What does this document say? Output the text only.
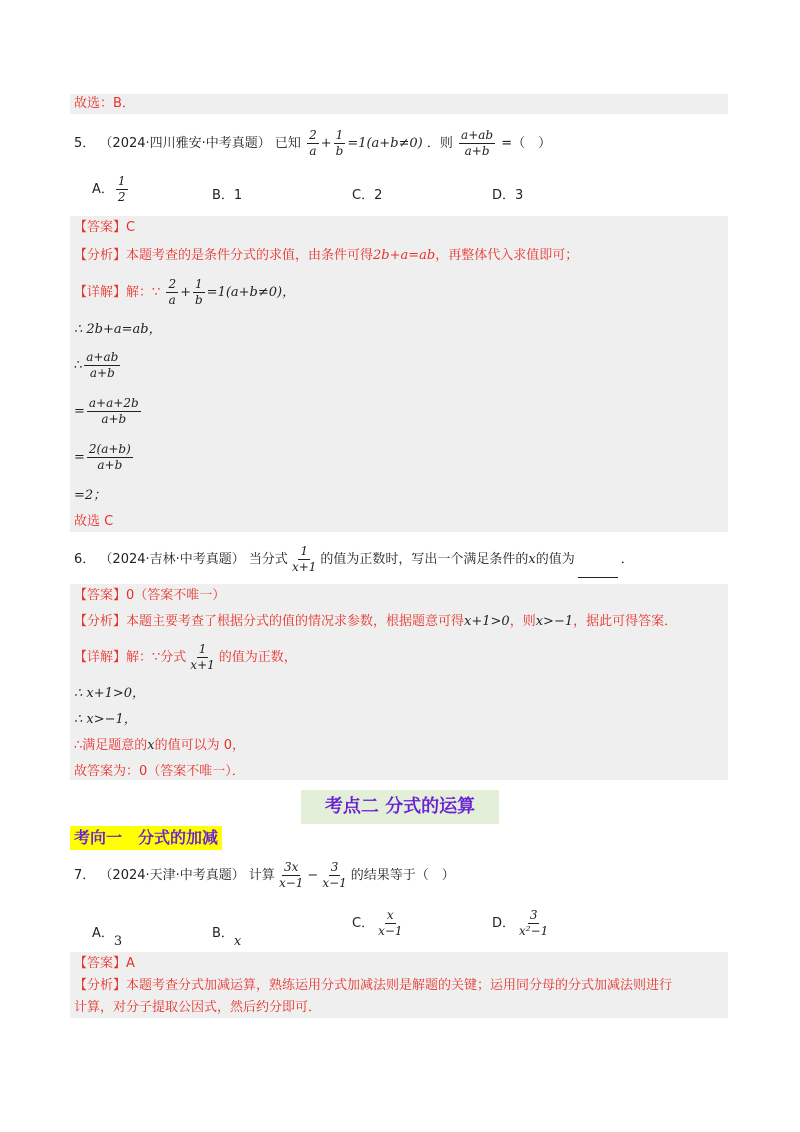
故选：B．
5． （2024·四川雅安·中考真题） 已知 $\frac{2}{a} + \frac{1}{b} =1(a+b\ne 0)$ ．则 $\frac{a+ab}{a+b}$ =（　）
A． $\frac{1}{2}$	B．1	C．2	D．3
【答案】C
【分析】本题考查的是条件分式的求值，由条件可得2b+a=ab，再整体代入求值即可；
【详解】解：∵ $\frac{2}{a} + \frac{1}{b} =1(a+b\ne 0)$，
∴ 2b+a=ab，
∴ $\frac{a+ab}{a+b}$
= $\frac{a+a+2b}{a+b}$
= $\frac{2(a+b)}{a+b}$
=2；
故选 C
6． （2024·吉林·中考真题） 当分式 $\frac{1}{x+1}$ 的值为正数时，写出一个满足条件的x的值为	．
【答案】0（答案不唯一）
【分析】本题主要考查了根据分式的值的情况求参数，根据题意可得x+1>0，则x>−1，据此可得答案．
【详解】解：∵分式 $\frac{1}{x+1}$ 的值为正数，
∴ x+1>0，
∴ x>−1，
∴满足题意的x的值可以为 0，
故答案为：0（答案不唯一）．
考点二 分式的运算
考向一　分式的加减
7． （2024·天津·中考真题） 计算 $\frac{3x}{x-1} - \frac{3}{x-1}$ 的结果等于（　）
A．3
B．x
C． $\frac{x}{x-1}$	D． $\frac{3}{\text{x²−1}}$
【答案】A
【分析】本题考查分式加减运算，熟练运用分式加减法则是解题的关键；运用同分母的分式加减法则进行
计算，对分子提取公因式，然后约分即可．
